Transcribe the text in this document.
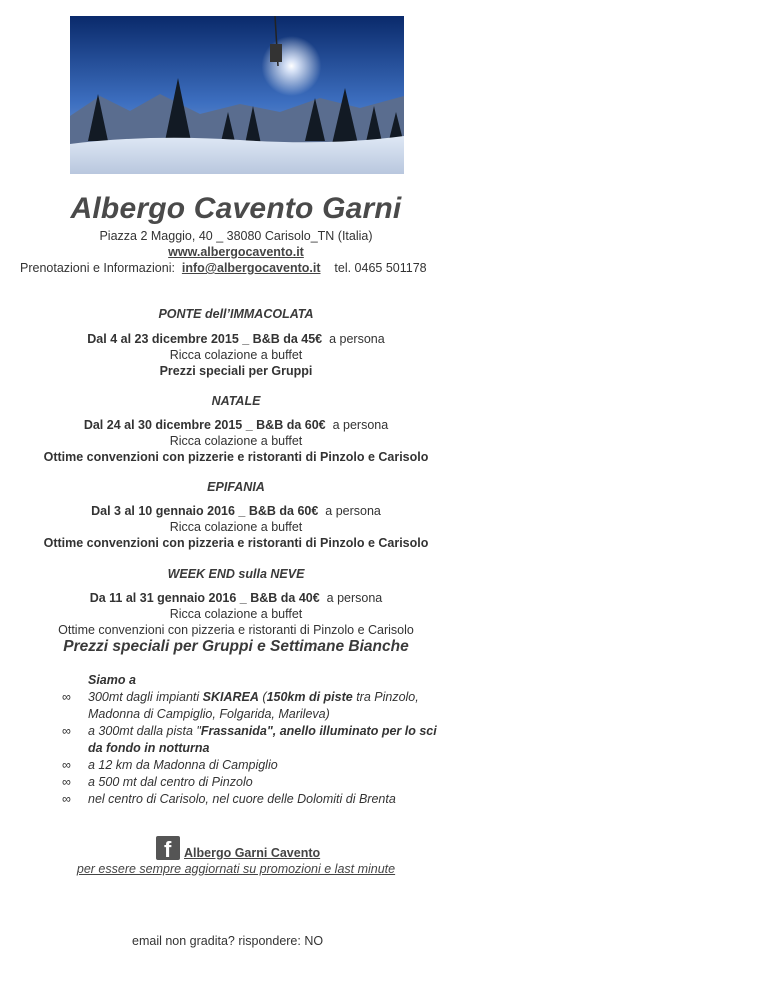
Albergo Cavento Garni
Piazza 2 Maggio, 40 _ 38080 Carisolo_TN (Italia)
www.albergocavento.it
Prenotazioni e Informazioni: info@albergocavento.it tel. 0465 501178
PONTE dell’IMMACOLATA
Dal 4 al 23 dicembre 2015 _ B&B da 45€ a persona
Ricca colazione a buffet
Prezzi speciali per Gruppi
NATALE
Dal 24 al 30 dicembre 2015 _ B&B da 60€ a persona
Ricca colazione a buffet
Ottime convenzioni con pizzerie e ristoranti di Pinzolo e Carisolo
EPIFANIA
Dal 3 al 10 gennaio 2016 _ B&B da 60€ a persona
Ricca colazione a buffet
Ottime convenzioni con pizzeria e ristoranti di Pinzolo e Carisolo
WEEK END sulla NEVE
Da 11 al 31 gennaio 2016 _ B&B da 40€ a persona
Ricca colazione a buffet
Ottime convenzioni con pizzeria e ristoranti di Pinzolo e Carisolo
Prezzi speciali per Gruppi e Settimane Bianche
Siamo a
∞	300mt dagli impianti SKIAREA (150km di piste tra Pinzolo,
Madonna di Campiglio, Folgarida, Marileva)
∞	a 300mt dalla pista "Frassanida", anello illuminato per lo sci
da fondo in notturna
∞	a 12 km da Madonna di Campiglio
∞	a 500 mt dal centro di Pinzolo
∞	nel centro di Carisolo, nel cuore delle Dolomiti di Brenta
f Albergo Garni Cavento
per essere sempre aggiornati su promozioni e last minute
email non gradita? rispondere: NO
